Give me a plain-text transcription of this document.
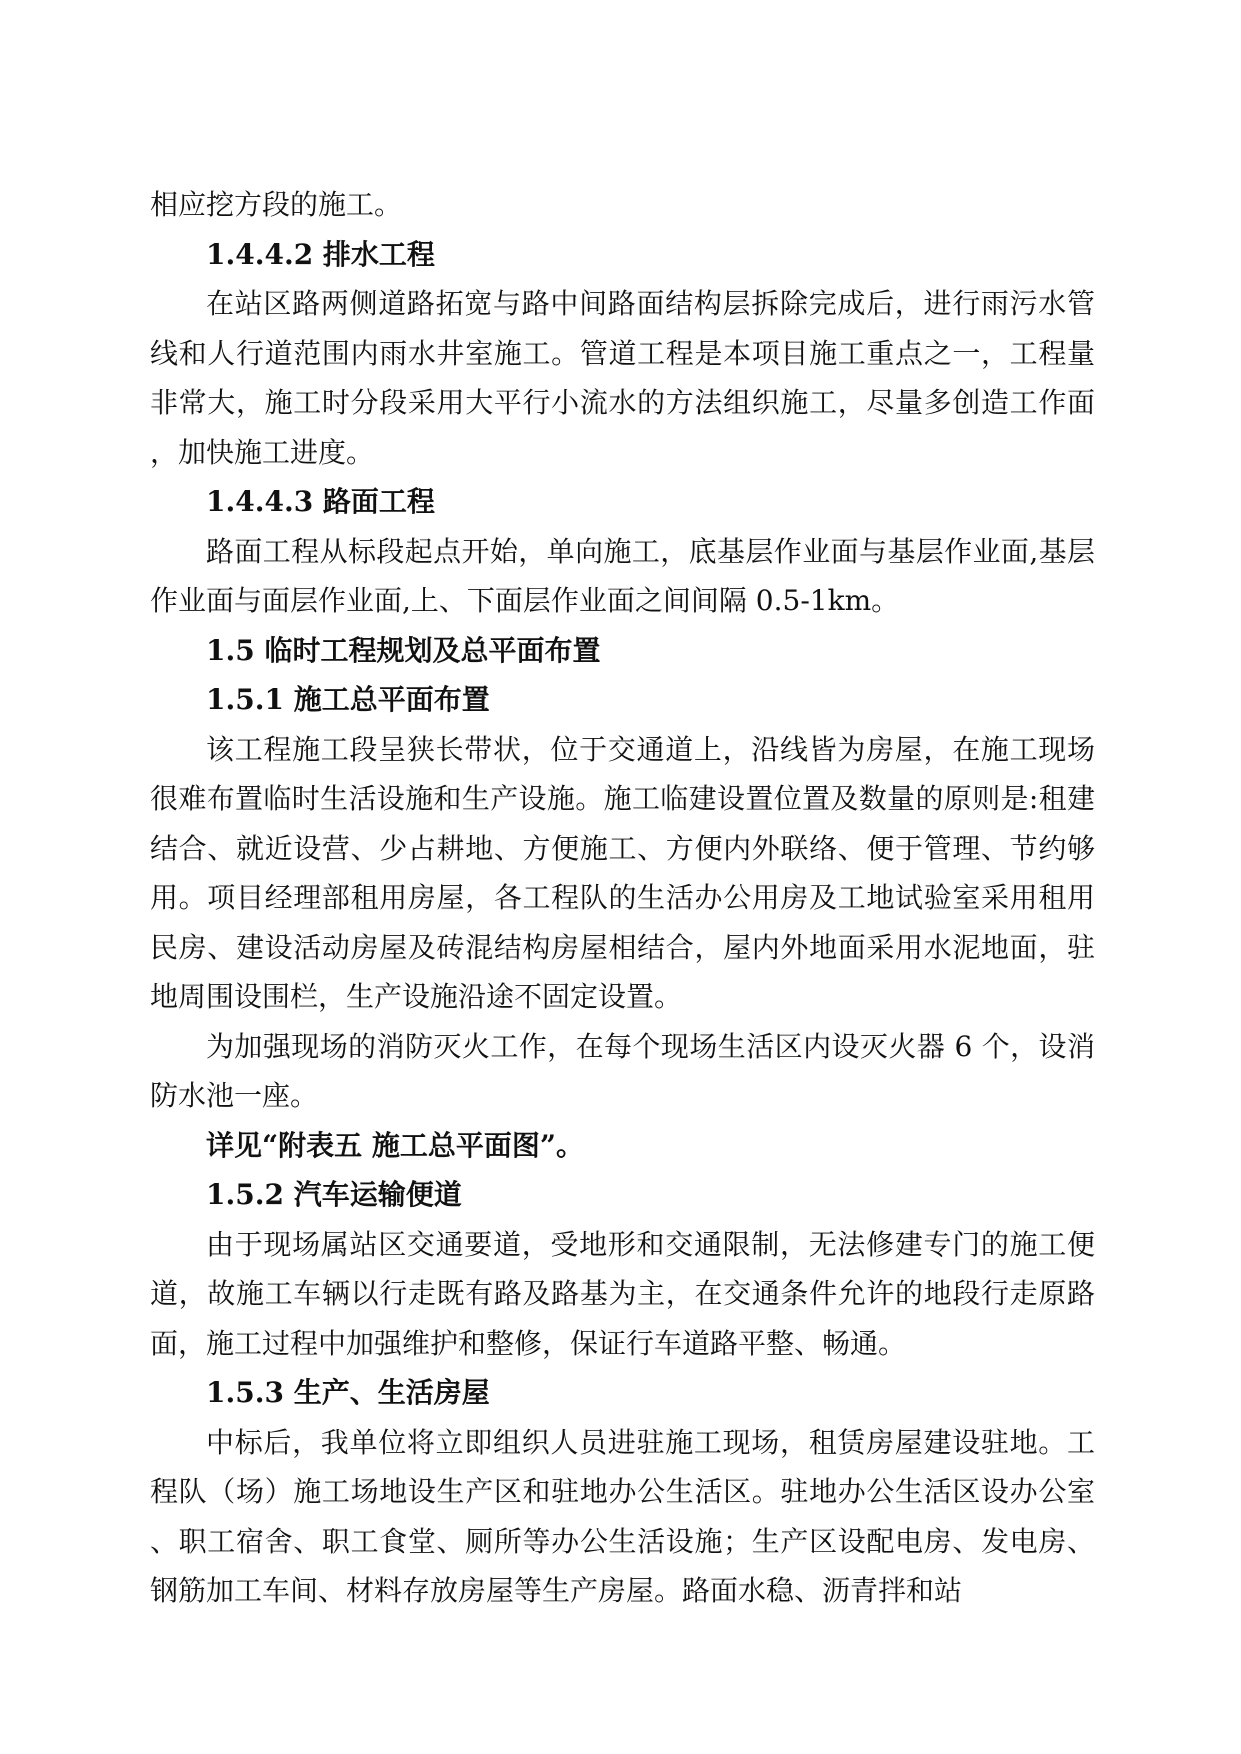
相应挖方段的施工。

1.4.4.2 排水工程

在站区路两侧道路拓宽与路中间路面结构层拆除完成后，进行雨污水管线和人行道范围内雨水井室施工。管道工程是本项目施工重点之一，工程量非常大，施工时分段采用大平行小流水的方法组织施工，尽量多创造工作面，加快施工进度。

1.4.4.3 路面工程

路面工程从标段起点开始，单向施工，底基层作业面与基层作业面,基层作业面与面层作业面,上、下面层作业面之间间隔 0.5-1km。

1.5 临时工程规划及总平面布置

1.5.1 施工总平面布置

该工程施工段呈狭长带状，位于交通道上，沿线皆为房屋，在施工现场很难布置临时生活设施和生产设施。施工临建设置位置及数量的原则是:租建结合、就近设营、少占耕地、方便施工、方便内外联络、便于管理、节约够用。项目经理部租用房屋，各工程队的生活办公用房及工地试验室采用租用民房、建设活动房屋及砖混结构房屋相结合，屋内外地面采用水泥地面，驻地周围设围栏，生产设施沿途不固定设置。

为加强现场的消防灭火工作，在每个现场生活区内设灭火器 6 个，设消防水池一座。

详见“附表五 施工总平面图”。

1.5.2 汽车运输便道

由于现场属站区交通要道，受地形和交通限制，无法修建专门的施工便道，故施工车辆以行走既有路及路基为主，在交通条件允许的地段行走原路面，施工过程中加强维护和整修，保证行车道路平整、畅通。

1.5.3 生产、生活房屋

中标后，我单位将立即组织人员进驻施工现场，租赁房屋建设驻地。工程队（场）施工场地设生产区和驻地办公生活区。驻地办公生活区设办公室、职工宿舍、职工食堂、厕所等办公生活设施；生产区设配电房、发电房、钢筋加工车间、材料存放房屋等生产房屋。路面水稳、沥青拌和站
